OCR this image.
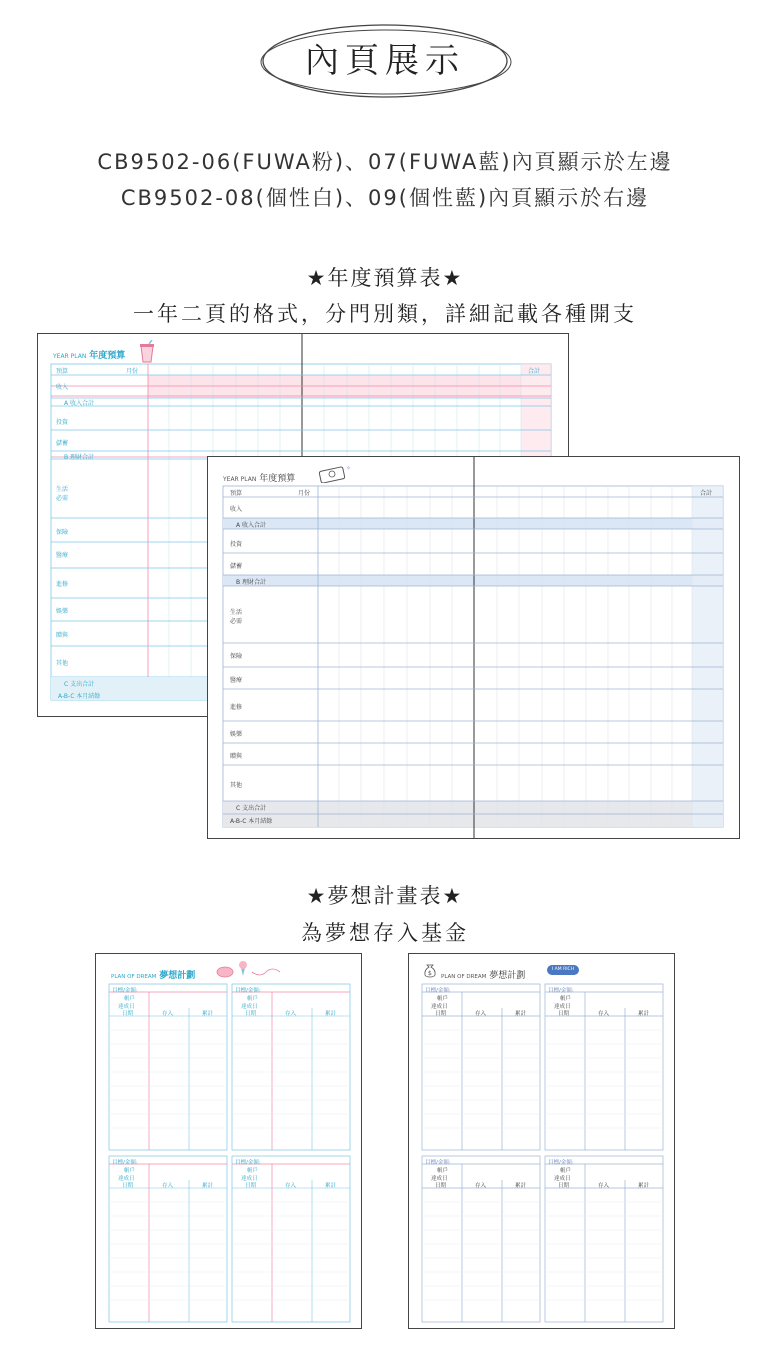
內頁展示
CB9502-06(FUWA粉)、07(FUWA藍)內頁顯示於左邊
CB9502-08(個性白)、09(個性藍)內頁顯示於右邊
★年度預算表★
一年二頁的格式，分門別類，詳細記載各種開支
YEAR PLAN 年度預算
預算	月份	合計
收入
A 收入合計
投資
儲蓄
B 理財合計
生活必需
保險
醫療
進修
娛樂
贈與
其他
C 支出合計
A-B-C 本月結餘
YEAR PLAN 年度預算
✧
預算	月份	合計
收入
A 收入合計
投資
儲蓄
B 理財合計
生活必需
保險
醫療
進修
娛樂
贈與
其他
C 支出合計
A-B-C 本月結餘
★夢想計畫表★
為夢想存入基金
PLAN OF DREAM 夢想計劃
目標/金額:
帳戶
達成日
日期	存入	累計
目標/金額:
帳戶
達成日
日期	存入	累計
目標/金額:
帳戶
達成日
日期	存入	累計
目標/金額:
帳戶
達成日
日期	存入	累計
$ PLAN OF DREAM 夢想計劃
I AM RICH
目標/金額:
帳戶
達成日
日期	存入	累計
目標/金額:
帳戶
達成日
日期	存入	累計
目標/金額:
帳戶
達成日
日期	存入	累計
目標/金額:
帳戶
達成日
日期	存入	累計
